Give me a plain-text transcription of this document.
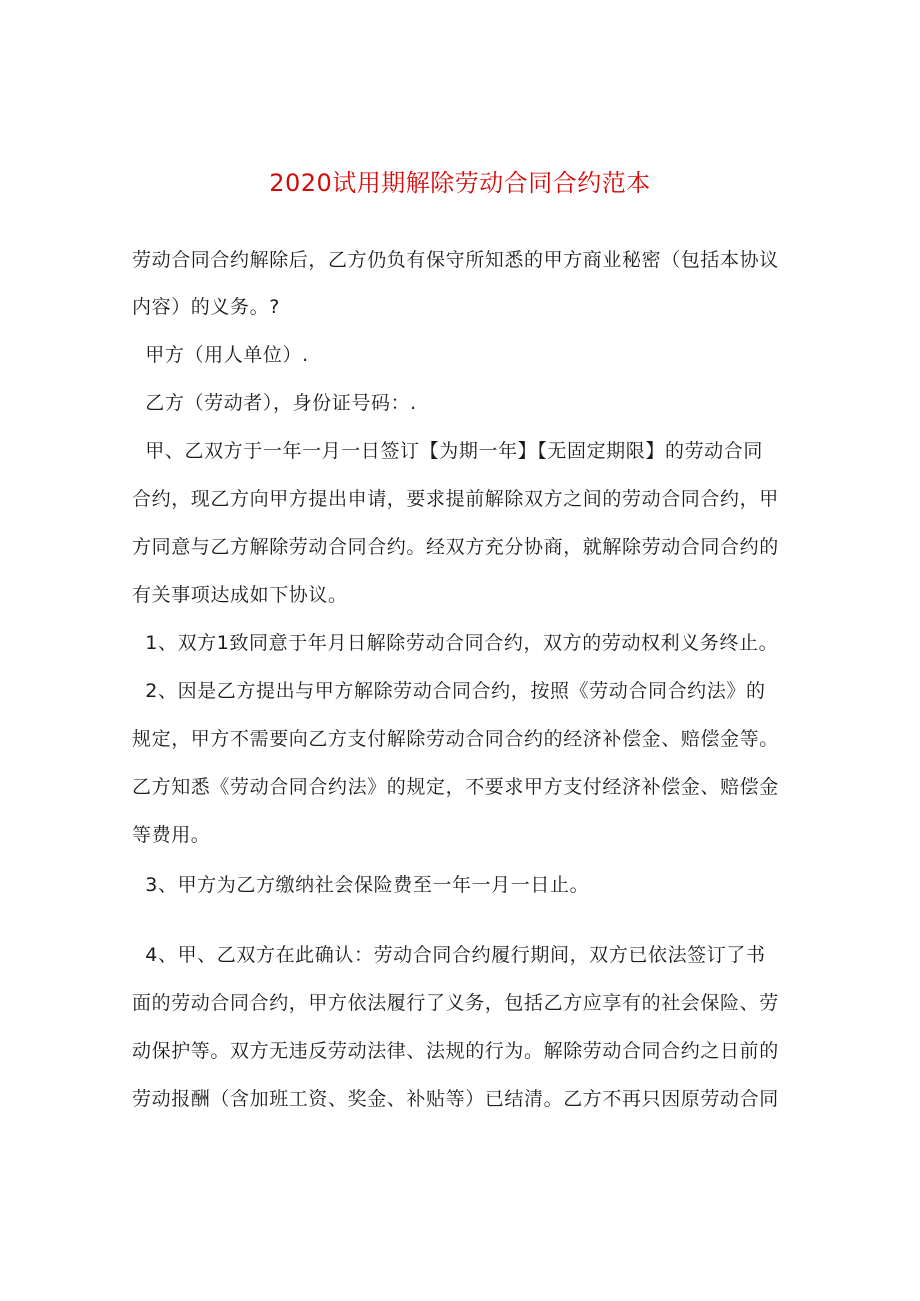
2020试用期解除劳动合同合约范本
劳动合同合约解除后，乙方仍负有保守所知悉的甲方商业秘密（包括本协议
内容）的义务。?
甲方（用人单位）.
乙方（劳动者），身份证号码：.
甲、乙双方于一年一月一日签订【为期一年】【无固定期限】的劳动合同
合约，现乙方向甲方提出申请，要求提前解除双方之间的劳动合同合约，甲
方同意与乙方解除劳动合同合约。经双方充分协商，就解除劳动合同合约的
有关事项达成如下协议。
1、双方1致同意于年月日解除劳动合同合约，双方的劳动权利义务终止。
2、因是乙方提出与甲方解除劳动合同合约，按照《劳动合同合约法》的
规定，甲方不需要向乙方支付解除劳动合同合约的经济补偿金、赔偿金等。
乙方知悉《劳动合同合约法》的规定，不要求甲方支付经济补偿金、赔偿金
等费用。
3、甲方为乙方缴纳社会保险费至一年一月一日止。
4、甲、乙双方在此确认：劳动合同合约履行期间，双方已依法签订了书
面的劳动合同合约，甲方依法履行了义务，包括乙方应享有的社会保险、劳
动保护等。双方无违反劳动法律、法规的行为。解除劳动合同合约之日前的
劳动报酬（含加班工资、奖金、补贴等）已结清。乙方不再只因原劳动合同
